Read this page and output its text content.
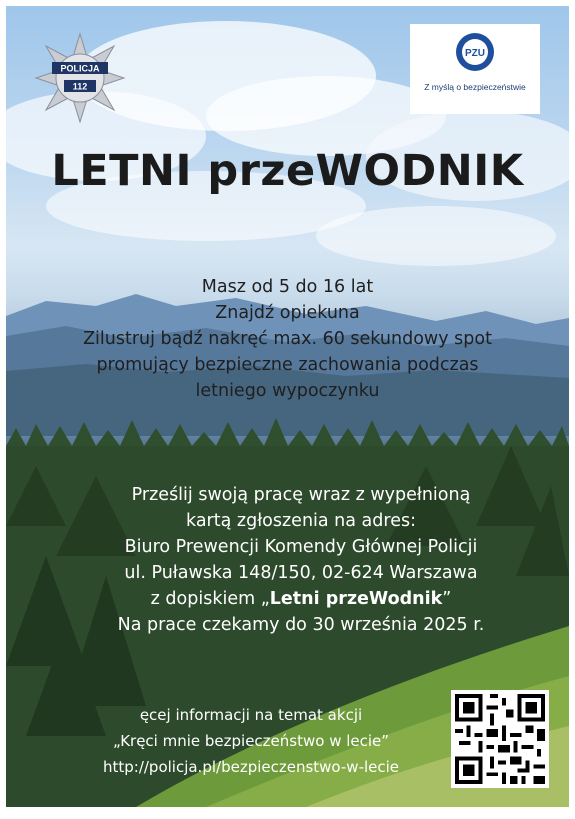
POLICJA
112
PZU
Z myślą o bezpieczeństwie
LETNI przeWODNIK
Masz od 5 do 16 lat
Znajdź opiekuna
Zilustruj bądź nakręć max. 60 sekundowy spot
promujący bezpieczne zachowania podczas
letniego wypoczynku
Prześlij swoją pracę wraz z wypełnioną
kartą zgłoszenia na adres:
Biuro Prewencji Komendy Głównej Policji
ul. Puławska 148/150, 02-624 Warszawa
z dopiskiem „Letni przeWodnik”
Na prace czekamy do 30 września 2025 r.
ęcej informacji na temat akcji
„Kręci mnie bezpieczeństwo w lecie”
http://policja.pl/bezpieczenstwo-w-lecie
